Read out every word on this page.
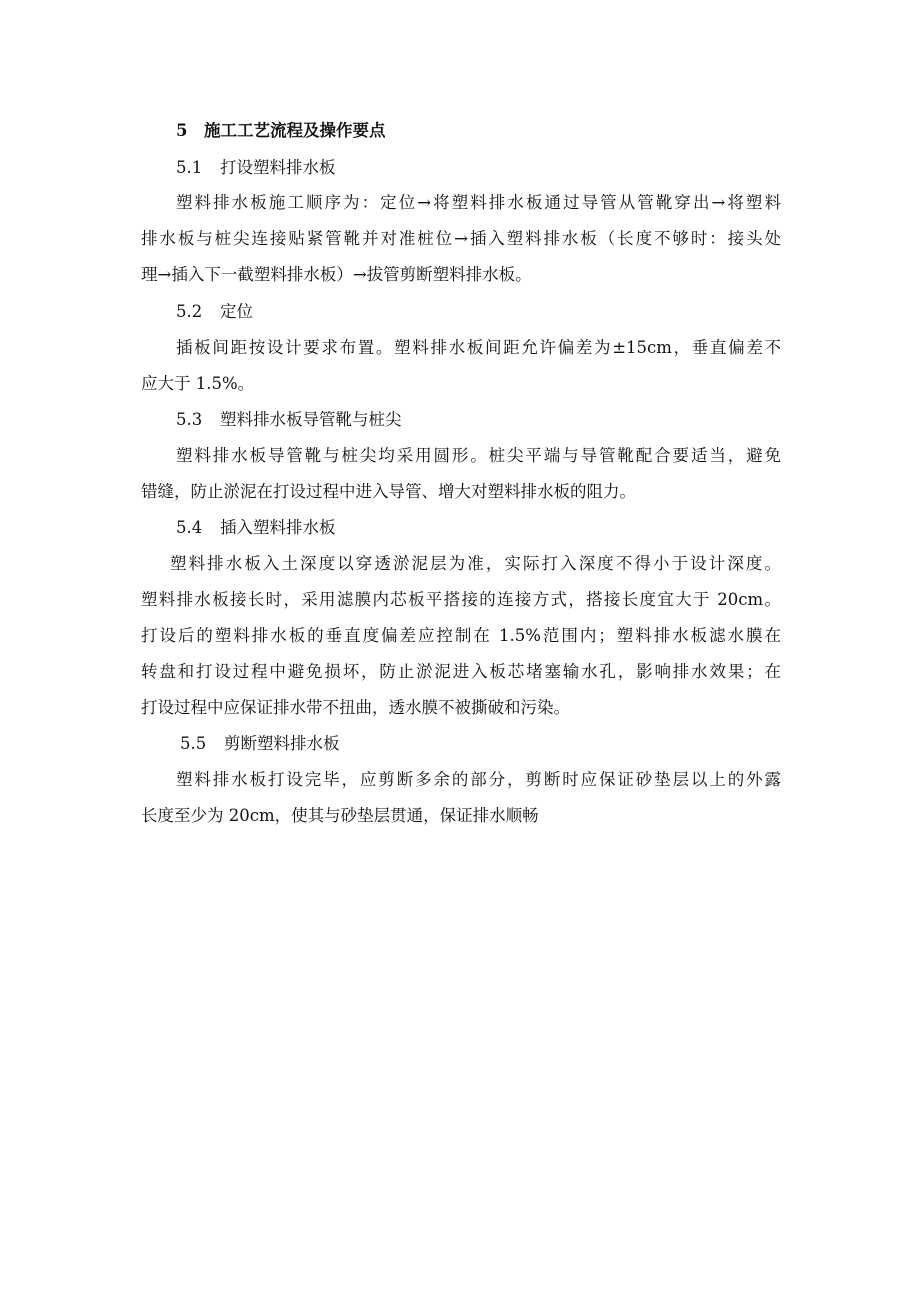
5 施工工艺流程及操作要点
5.1 打设塑料排水板
塑料排水板施工顺序为：定位→将塑料排水板通过导管从管靴穿出→将塑料
排水板与桩尖连接贴紧管靴并对准桩位→插入塑料排水板（长度不够时：接头处
理→插入下一截塑料排水板）→拔管剪断塑料排水板。
5.2 定位
插板间距按设计要求布置。塑料排水板间距允许偏差为±15cm，垂直偏差不
应大于 1.5%。
5.3 塑料排水板导管靴与桩尖
塑料排水板导管靴与桩尖均采用圆形。桩尖平端与导管靴配合要适当，避免
错缝，防止淤泥在打设过程中进入导管、增大对塑料排水板的阻力。
5.4 插入塑料排水板
塑料排水板入土深度以穿透淤泥层为准，实际打入深度不得小于设计深度。
塑料排水板接长时，采用滤膜内芯板平搭接的连接方式，搭接长度宜大于 20cm。
打设后的塑料排水板的垂直度偏差应控制在 1.5%范围内；塑料排水板滤水膜在
转盘和打设过程中避免损坏，防止淤泥进入板芯堵塞输水孔，影响排水效果；在
打设过程中应保证排水带不扭曲，透水膜不被撕破和污染。
5.5 剪断塑料排水板
塑料排水板打设完毕，应剪断多余的部分，剪断时应保证砂垫层以上的外露
长度至少为 20cm，使其与砂垫层贯通，保证排水顺畅
